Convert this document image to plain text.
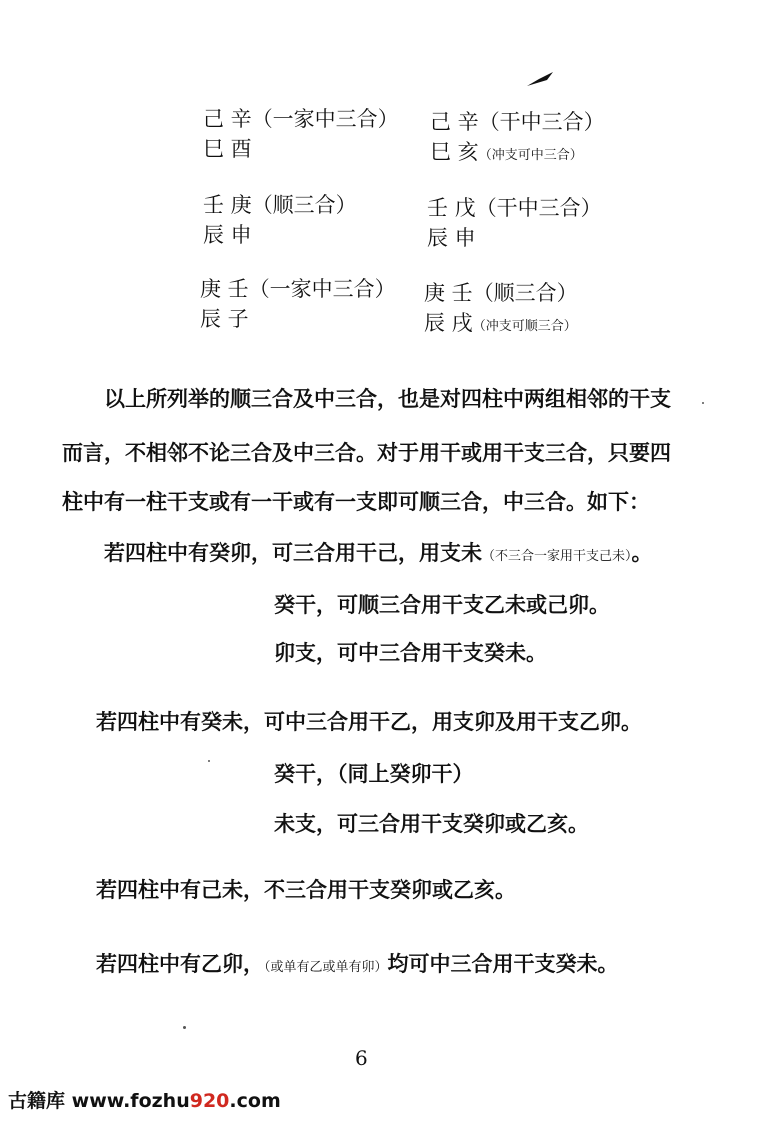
己 辛（一家中三合）
巳 酉
己 辛（干中三合）
巳 亥（冲支可中三合）
壬 庚（顺三合）
辰 申
壬 戊（干中三合）
辰 申
庚 壬（一家中三合）
辰 子
庚 壬（顺三合）
辰 戌（冲支可顺三合）
以上所列举的顺三合及中三合，也是对四柱中两组相邻的干支
而言，不相邻不论三合及中三合。对于用干或用干支三合，只要四
柱中有一柱干支或有一干或有一支即可顺三合，中三合。如下：
若四柱中有癸卯，可三合用干己，用支未（不三合一家用干支己未）。
癸干，可顺三合用干支乙未或己卯。
卯支，可中三合用干支癸未。
若四柱中有癸未，可中三合用干乙，用支卯及用干支乙卯。
癸干，（同上癸卯干）
未支，可三合用干支癸卯或乙亥。
若四柱中有己未，不三合用干支癸卯或乙亥。
若四柱中有乙卯，（或单有乙或单有卯）均可中三合用干支癸未。
6
古籍库 www.fozhu920.com
